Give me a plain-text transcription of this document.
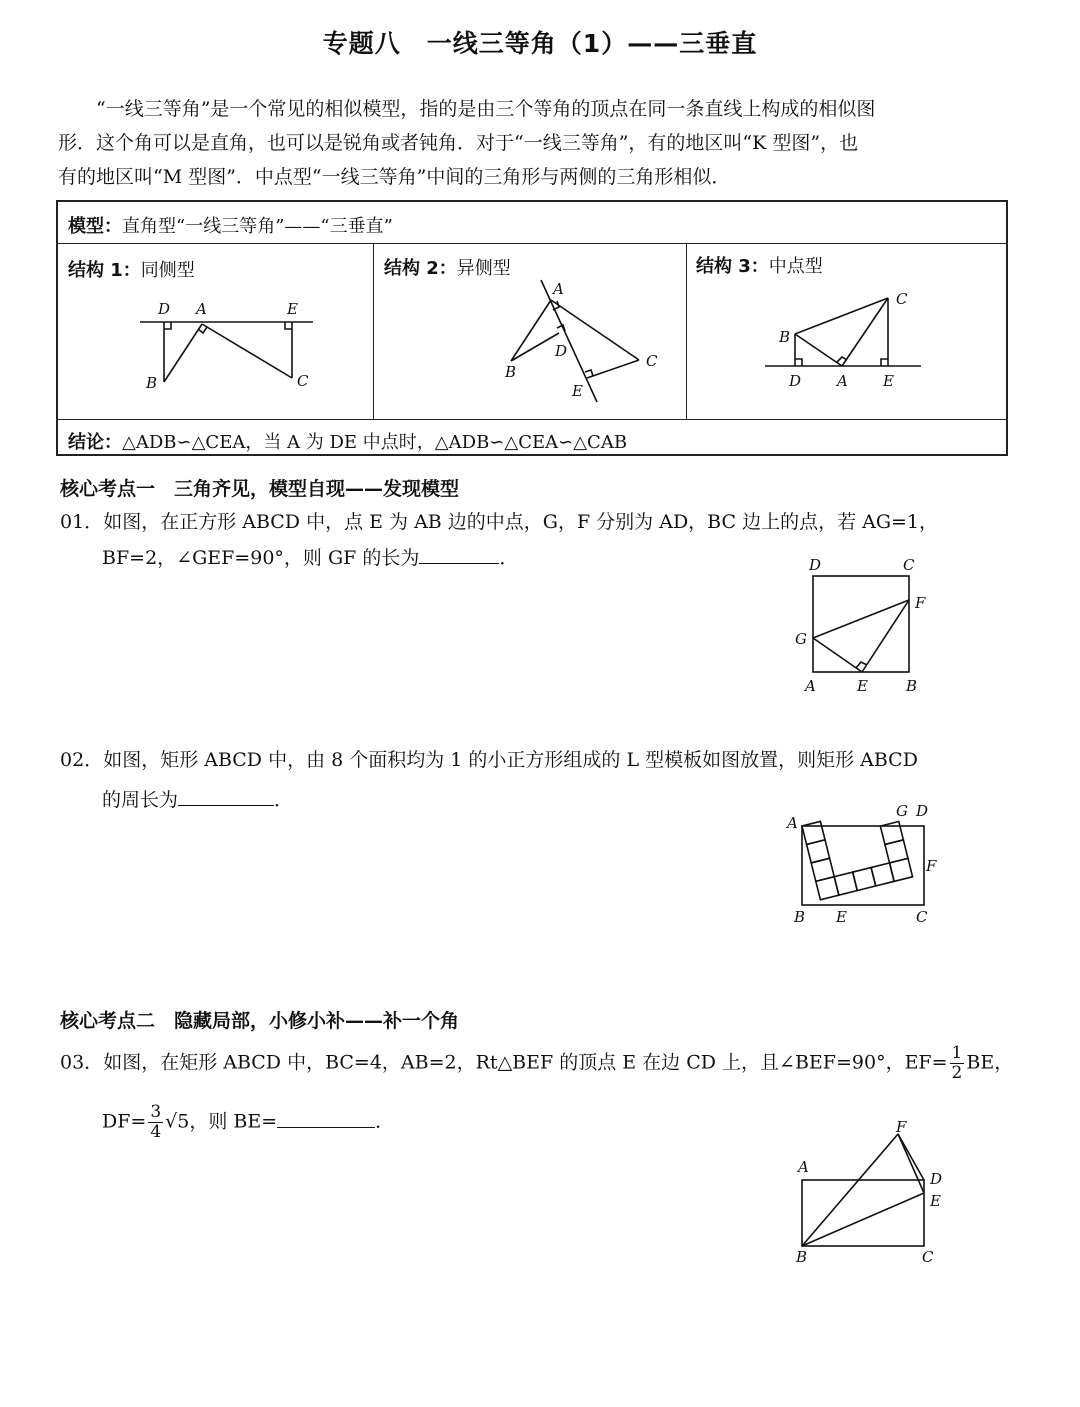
专题八　一线三等角（1）——三垂直
“一线三等角”是一个常见的相似模型，指的是由三个等角的顶点在同一条直线上构成的相似图
形．这个角可以是直角，也可以是锐角或者钝角．对于“一线三等角”，有的地区叫“K 型图”，也
有的地区叫“M 型图”．中点型“一线三等角”中间的三角形与两侧的三角形相似．
模型：直角型“一线三等角”——“三垂直”
结构 1：同侧型	结构 2：异侧型	结构 3：中点型
结论：△ADB∽△CEA，当 A 为 DE 中点时，△ADB∽△CEA∽△CAB
D A	E
B	C
A
D
B
C
E
B
C
D A E
核心考点一　三角齐见，模型自现——发现模型
01．如图，在正方形 ABCD 中，点 E 为 AB 边的中点，G，F 分别为 AD，BC 边上的点，若 AG=1，
BF=2，∠GEF=90°，则 GF 的长为	．	D	C
F
G
A	E	B
02．如图，矩形 ABCD 中，由 8 个面积均为 1 的小正方形组成的 L 型模板如图放置，则矩形 ABCD
的周长为	．
A
G D
F
B E	C
核心考点二　隐藏局部，小修小补——补一个角
03．如图，在矩形 ABCD 中，BC=4，AB=2，Rt△BEF 的顶点 E 在边 CD 上，且∠BEF=90°，$EF= \frac{1}{2}$ BE，
$DF= \frac{3}{4} √5$，则 BE=	．	F
A
D
E
B	C
